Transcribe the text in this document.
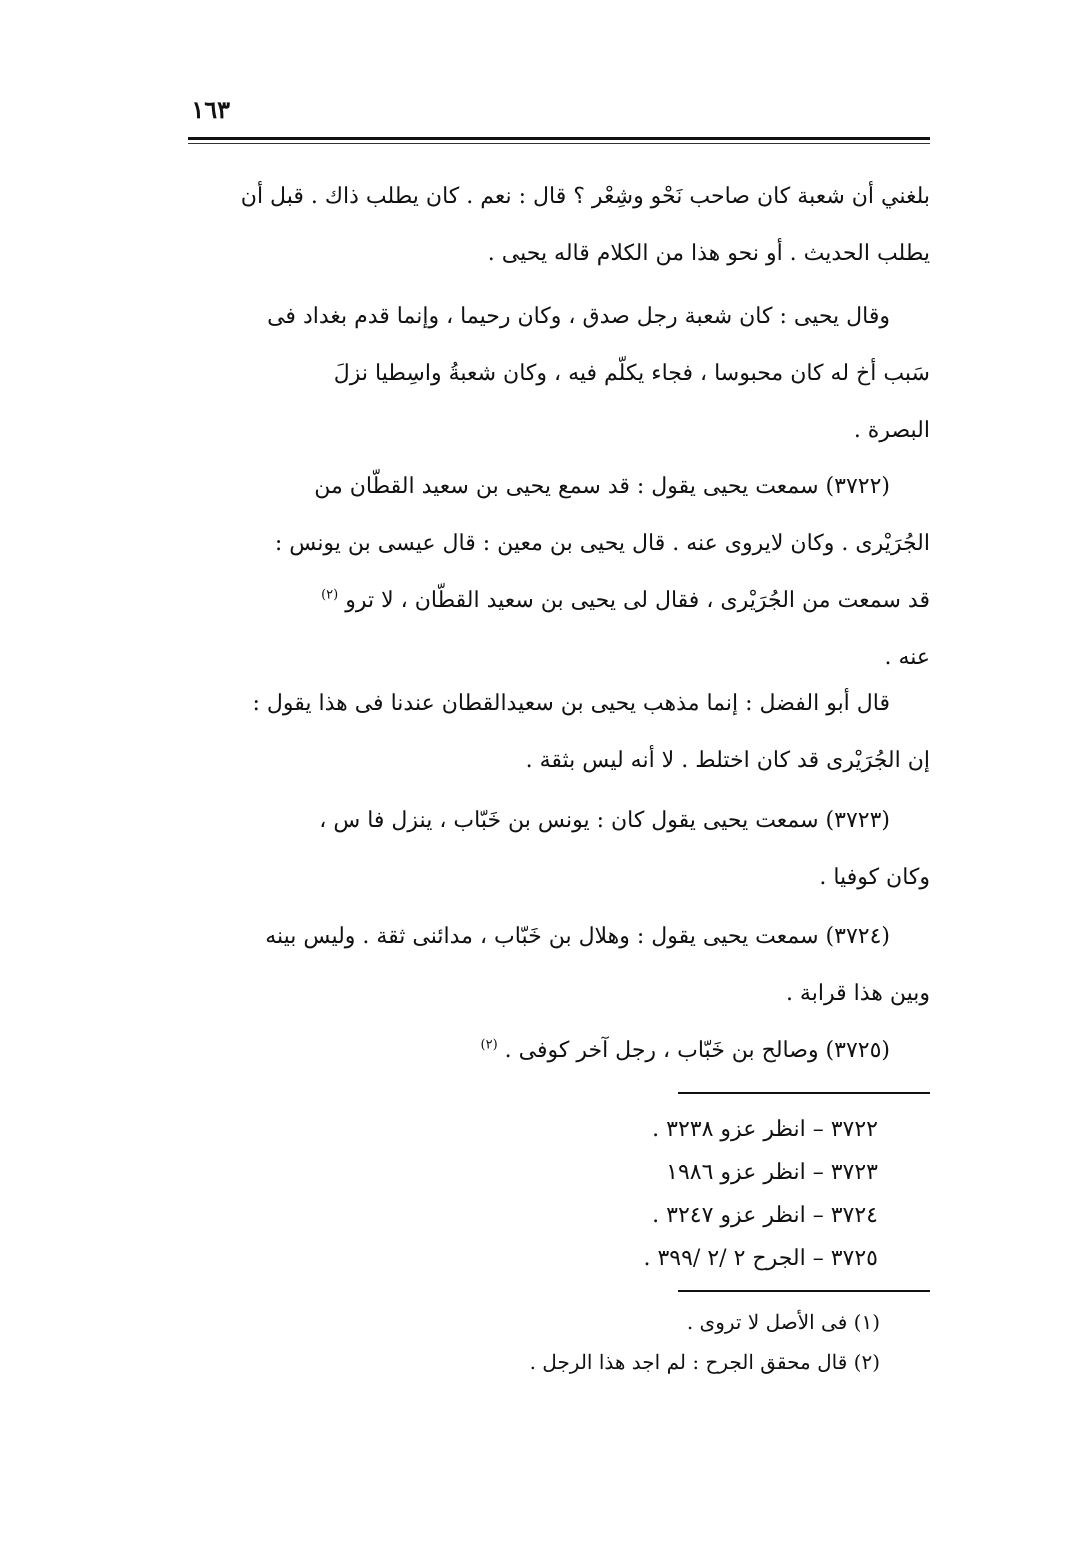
١٦٣
بلغني أن شعبة كان صاحب نَحْو وشِعْر ؟ قال : نعم . كان يطلب ذاك . قبل أن
يطلب الحديث . أو نحو هذا من الكلام قاله يحيى .
وقال يحيى : كان شعبة رجل صدق ، وكان رحيما ، وإنما قدم بغداد فى
سَبب أخ له كان محبوسا ، فجاء يكلّم فيه ، وكان شعبةُ واسِطيا نزلَ
البصرة .
(٣٧٢٢) سمعت يحيى يقول : قد سمع يحيى بن سعيد القطّان من
الجُرَيْرى . وكان لايروى عنه . قال يحيى بن معين : قال عيسى بن يونس :
قد سمعت من الجُرَيْرى ، فقال لى يحيى بن سعيد القطّان ، لا ترو $^{(٢)}$
عنه .
قال أبو الفضل : إنما مذهب يحيى بن سعيدالقطان عندنا فى هذا يقول :
إن الجُرَيْرى قد كان اختلط . لا أنه ليس بثقة .
(٣٧٢٣) سمعت يحيى يقول كان : يونس بن خَبّاب ، ينزل فا س ،
وكان كوفيا .
(٣٧٢٤) سمعت يحيى يقول : وهلال بن خَبّاب ، مدائنى ثقة . وليس بينه
وبين هذا قرابة .
(٣٧٢٥) وصالح بن خَبّاب ، رجل آخر كوفى . $^{(٢)}$
٣٧٢٢ – انظر عزو ٣٢٣٨ .
٣٧٢٣ – انظر عزو ١٩٨٦
٣٧٢٤ – انظر عزو ٣٢٤٧ .
٣٧٢٥ – الجرح ٢ /٢ /٣٩٩ .
(١) فى الأصل لا تروى .
(٢) قال محقق الجرح : لم اجد هذا الرجل .
